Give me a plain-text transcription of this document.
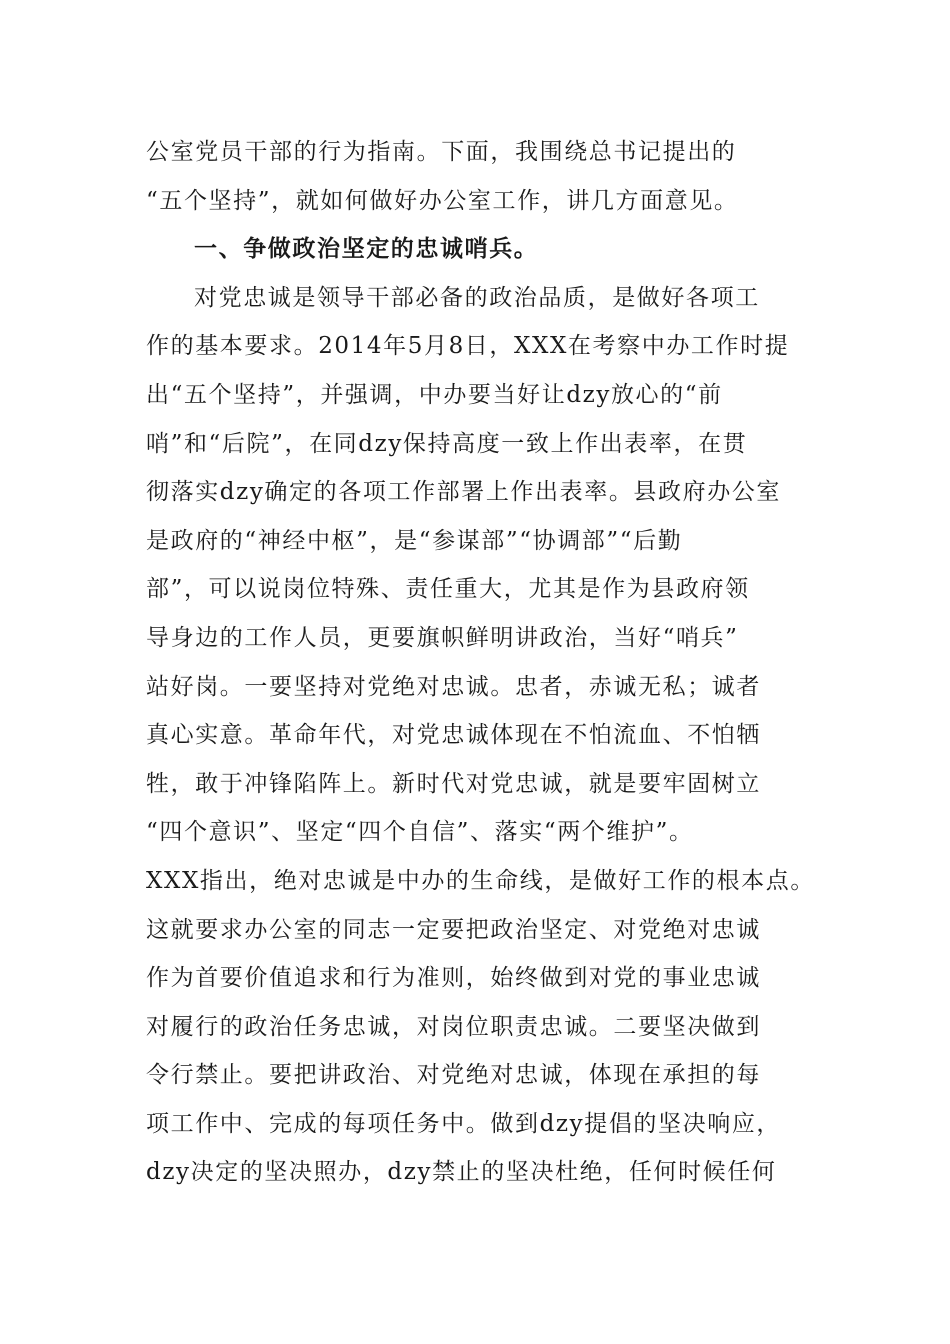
公室党员干部的行为指南。下面，我围绕总书记提出的
“五个坚持”，就如何做好办公室工作，讲几方面意见。
一、争做政治坚定的忠诚哨兵。
对党忠诚是领导干部必备的政治品质，是做好各项工
作的基本要求。2014年5月8日，XXX在考察中办工作时提
出“五个坚持”，并强调，中办要当好让dzy放心的“前
哨”和“后院”，在同dzy保持高度一致上作出表率，在贯
彻落实dzy确定的各项工作部署上作出表率。县政府办公室
是政府的“神经中枢”，是“参谋部”“协调部”“后勤
部”，可以说岗位特殊、责任重大，尤其是作为县政府领
导身边的工作人员，更要旗帜鲜明讲政治，当好“哨兵”
站好岗。一要坚持对党绝对忠诚。忠者，赤诚无私；诚者
真心实意。革命年代，对党忠诚体现在不怕流血、不怕牺
牲，敢于冲锋陷阵上。新时代对党忠诚，就是要牢固树立
“四个意识”、坚定“四个自信”、落实“两个维护”。
XXX指出，绝对忠诚是中办的生命线，是做好工作的根本点。
这就要求办公室的同志一定要把政治坚定、对党绝对忠诚
作为首要价值追求和行为准则，始终做到对党的事业忠诚
对履行的政治任务忠诚，对岗位职责忠诚。二要坚决做到
令行禁止。要把讲政治、对党绝对忠诚，体现在承担的每
项工作中、完成的每项任务中。做到dzy提倡的坚决响应，
dzy决定的坚决照办，dzy禁止的坚决杜绝，任何时候任何
